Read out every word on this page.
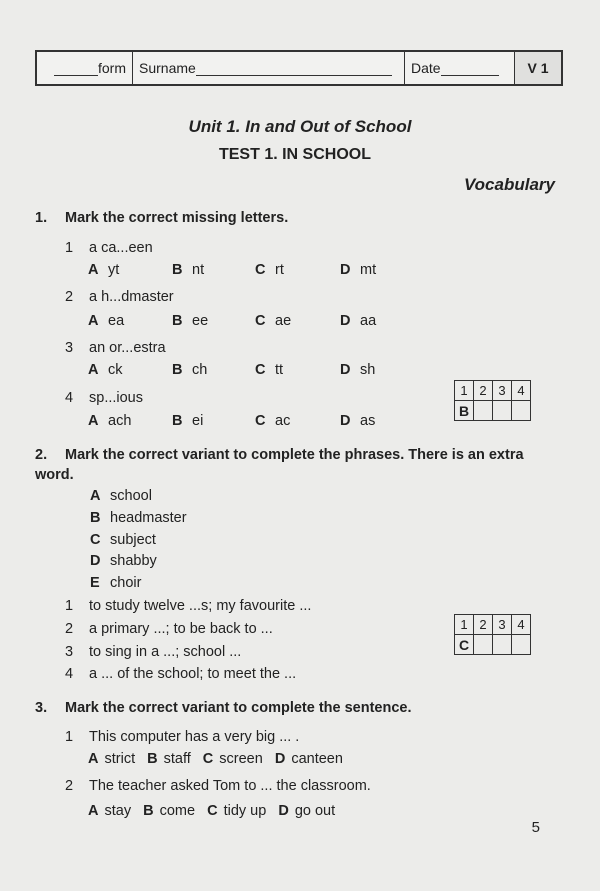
form Surname	Date	V 1
Unit 1. In and Out of School
TEST 1. IN SCHOOL
Vocabulary
1. Mark the correct missing letters.
1 a ca...een
A yt	B nt	C rt	D mt
2 a h...dmaster
A ea	B ee	C ae	D aa
3 an or...estra
A ck	B ch	C tt	D sh
4 sp...ious
A ach	B ei	C ac	D as
1	2	3	4
B			
2. Mark the correct variant to complete the phrases. There is an extra word.
A school
B headmaster
C subject
D shabby
E choir
1 to study twelve ...s; my favourite ...
2 a primary ...; to be back to ...
3 to sing in a ...; school ...
4 a ... of the school; to meet the ...
1	2	3	4
C			
3. Mark the correct variant to complete the sentence.
1 This computer has a very big ... .
A strict B staff C screen D canteen
2 The teacher asked Tom to ... the classroom.
A stay B come C tidy up D go out
5
